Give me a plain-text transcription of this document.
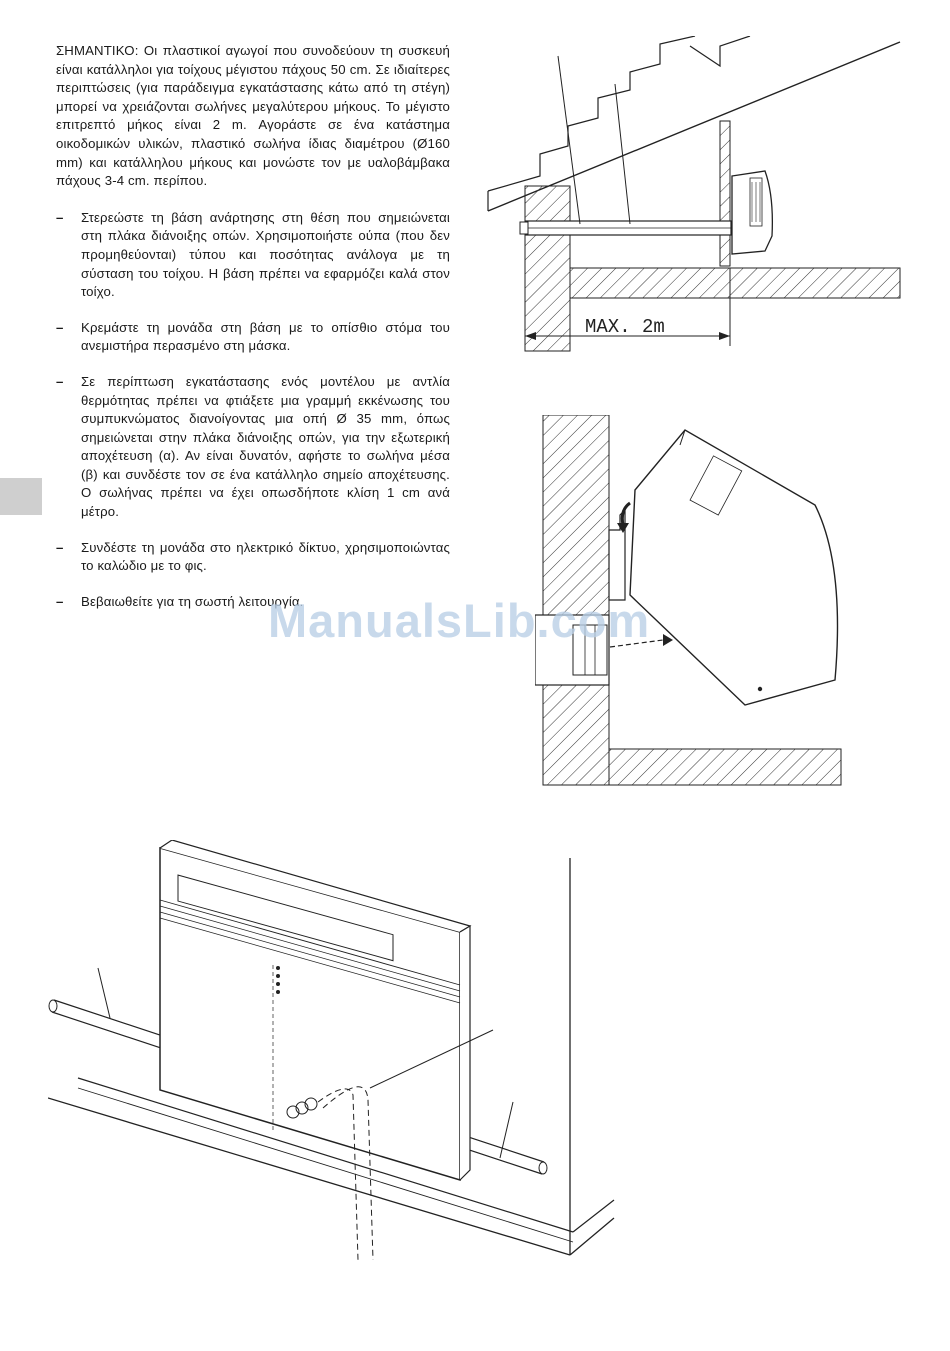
ΣΗΜΑΝΤΙΚΟ: Οι πλαστικοί αγωγοί που συνοδεύουν τη συσκευή είναι κατάλληλοι για τοίχους μέγιστου πάχους 50 cm. Σε ιδιαίτερες περιπτώσεις (για παράδειγμα εγκατάστασης κάτω από τη στέγη) μπορεί να χρειάζονται σωλήνες μεγαλύτερου μήκους. Το μέγιστο επιτρεπτό μήκος είναι 2 m. Αγοράστε σε ένα κατάστημα οικοδομικών υλικών, πλαστικό σωλήνα ίδιας διαμέτρου (Ø160 mm) και κατάλληλου μήκους και μονώστε τον με υαλοβάμβακα πάχους 3-4 cm. περίπου.

– Στερεώστε τη βάση ανάρτησης στη θέση που σημειώνεται στη πλάκα διάνοιξης οπών. Χρησιμοποιήστε ούπα (που δεν προμηθεύονται) τύπου και ποσότητας ανάλογα με τη σύσταση του τοίχου. Η βάση πρέπει να εφαρμόζει καλά στον τοίχο.

– Κρεμάστε τη μονάδα στη βάση με το οπίσθιο στόμα του ανεμιστήρα περασμένο στη μάσκα.

– Σε περίπτωση εγκατάστασης ενός μοντέλου με αντλία θερμότητας πρέπει να φτιάξετε μια γραμμή εκκένωσης του συμπυκνώματος διανοίγοντας μια οπή Ø 35 mm, όπως σημειώνεται στην πλάκα διάνοιξης οπών, για την εξωτερική αποχέτευση (α). Αν είναι δυνατόν, αφήστε το σωλήνα μέσα (β) και συνδέστε τον σε ένα κατάλληλο σημείο αποχέτευσης. Ο σωλήνας πρέπει να έχει οπωσδήποτε κλίση 1 cm ανά μέτρο.

– Συνδέστε τη μονάδα στο ηλεκτρικό δίκτυο, χρησιμοποιώντας το καλώδιο με το φις.

– Βεβαιωθείτε για τη σωστή λειτουργία.

MAX. 2m
ManualsLib.com
